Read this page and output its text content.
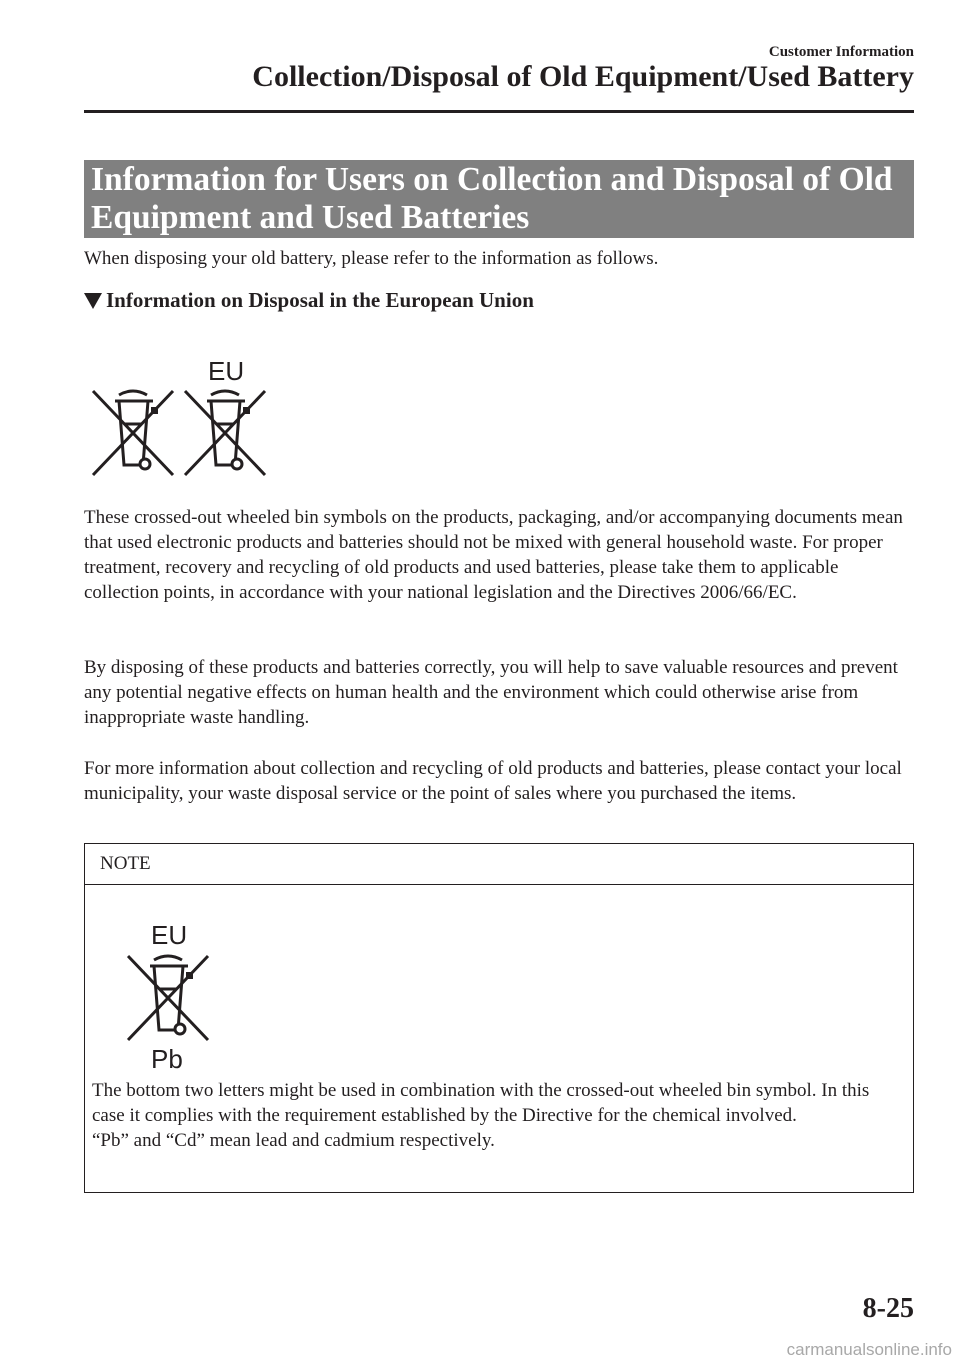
Customer Information
Collection/Disposal of Old Equipment/Used Battery
Information for Users on Collection and Disposal of Old
Equipment and Used Batteries

When disposing your old battery, please refer to the information as follows.

Information on Disposal in the European Union
EU

These crossed-out wheeled bin symbols on the products, packaging, and/or accompanying documents mean that used electronic products and batteries should not be mixed with general household waste. For proper treatment, recovery and recycling of old products and used batteries, please take them to applicable collection points, in accordance with your national legislation and the Directives 2006/66/EC.

By disposing of these products and batteries correctly, you will help to save valuable resources and prevent any potential negative effects on human health and the environment which could otherwise arise from inappropriate waste handling.

For more information about collection and recycling of old products and batteries, please contact your local municipality, your waste disposal service or the point of sales where you purchased the items.

NOTE
EU
Pb
The bottom two letters might be used in combination with the crossed-out wheeled bin symbol. In this case it complies with the requirement established by the Directive for the chemical involved.
“Pb” and “Cd” mean lead and cadmium respectively.
8-25
carmanualsonline.info
